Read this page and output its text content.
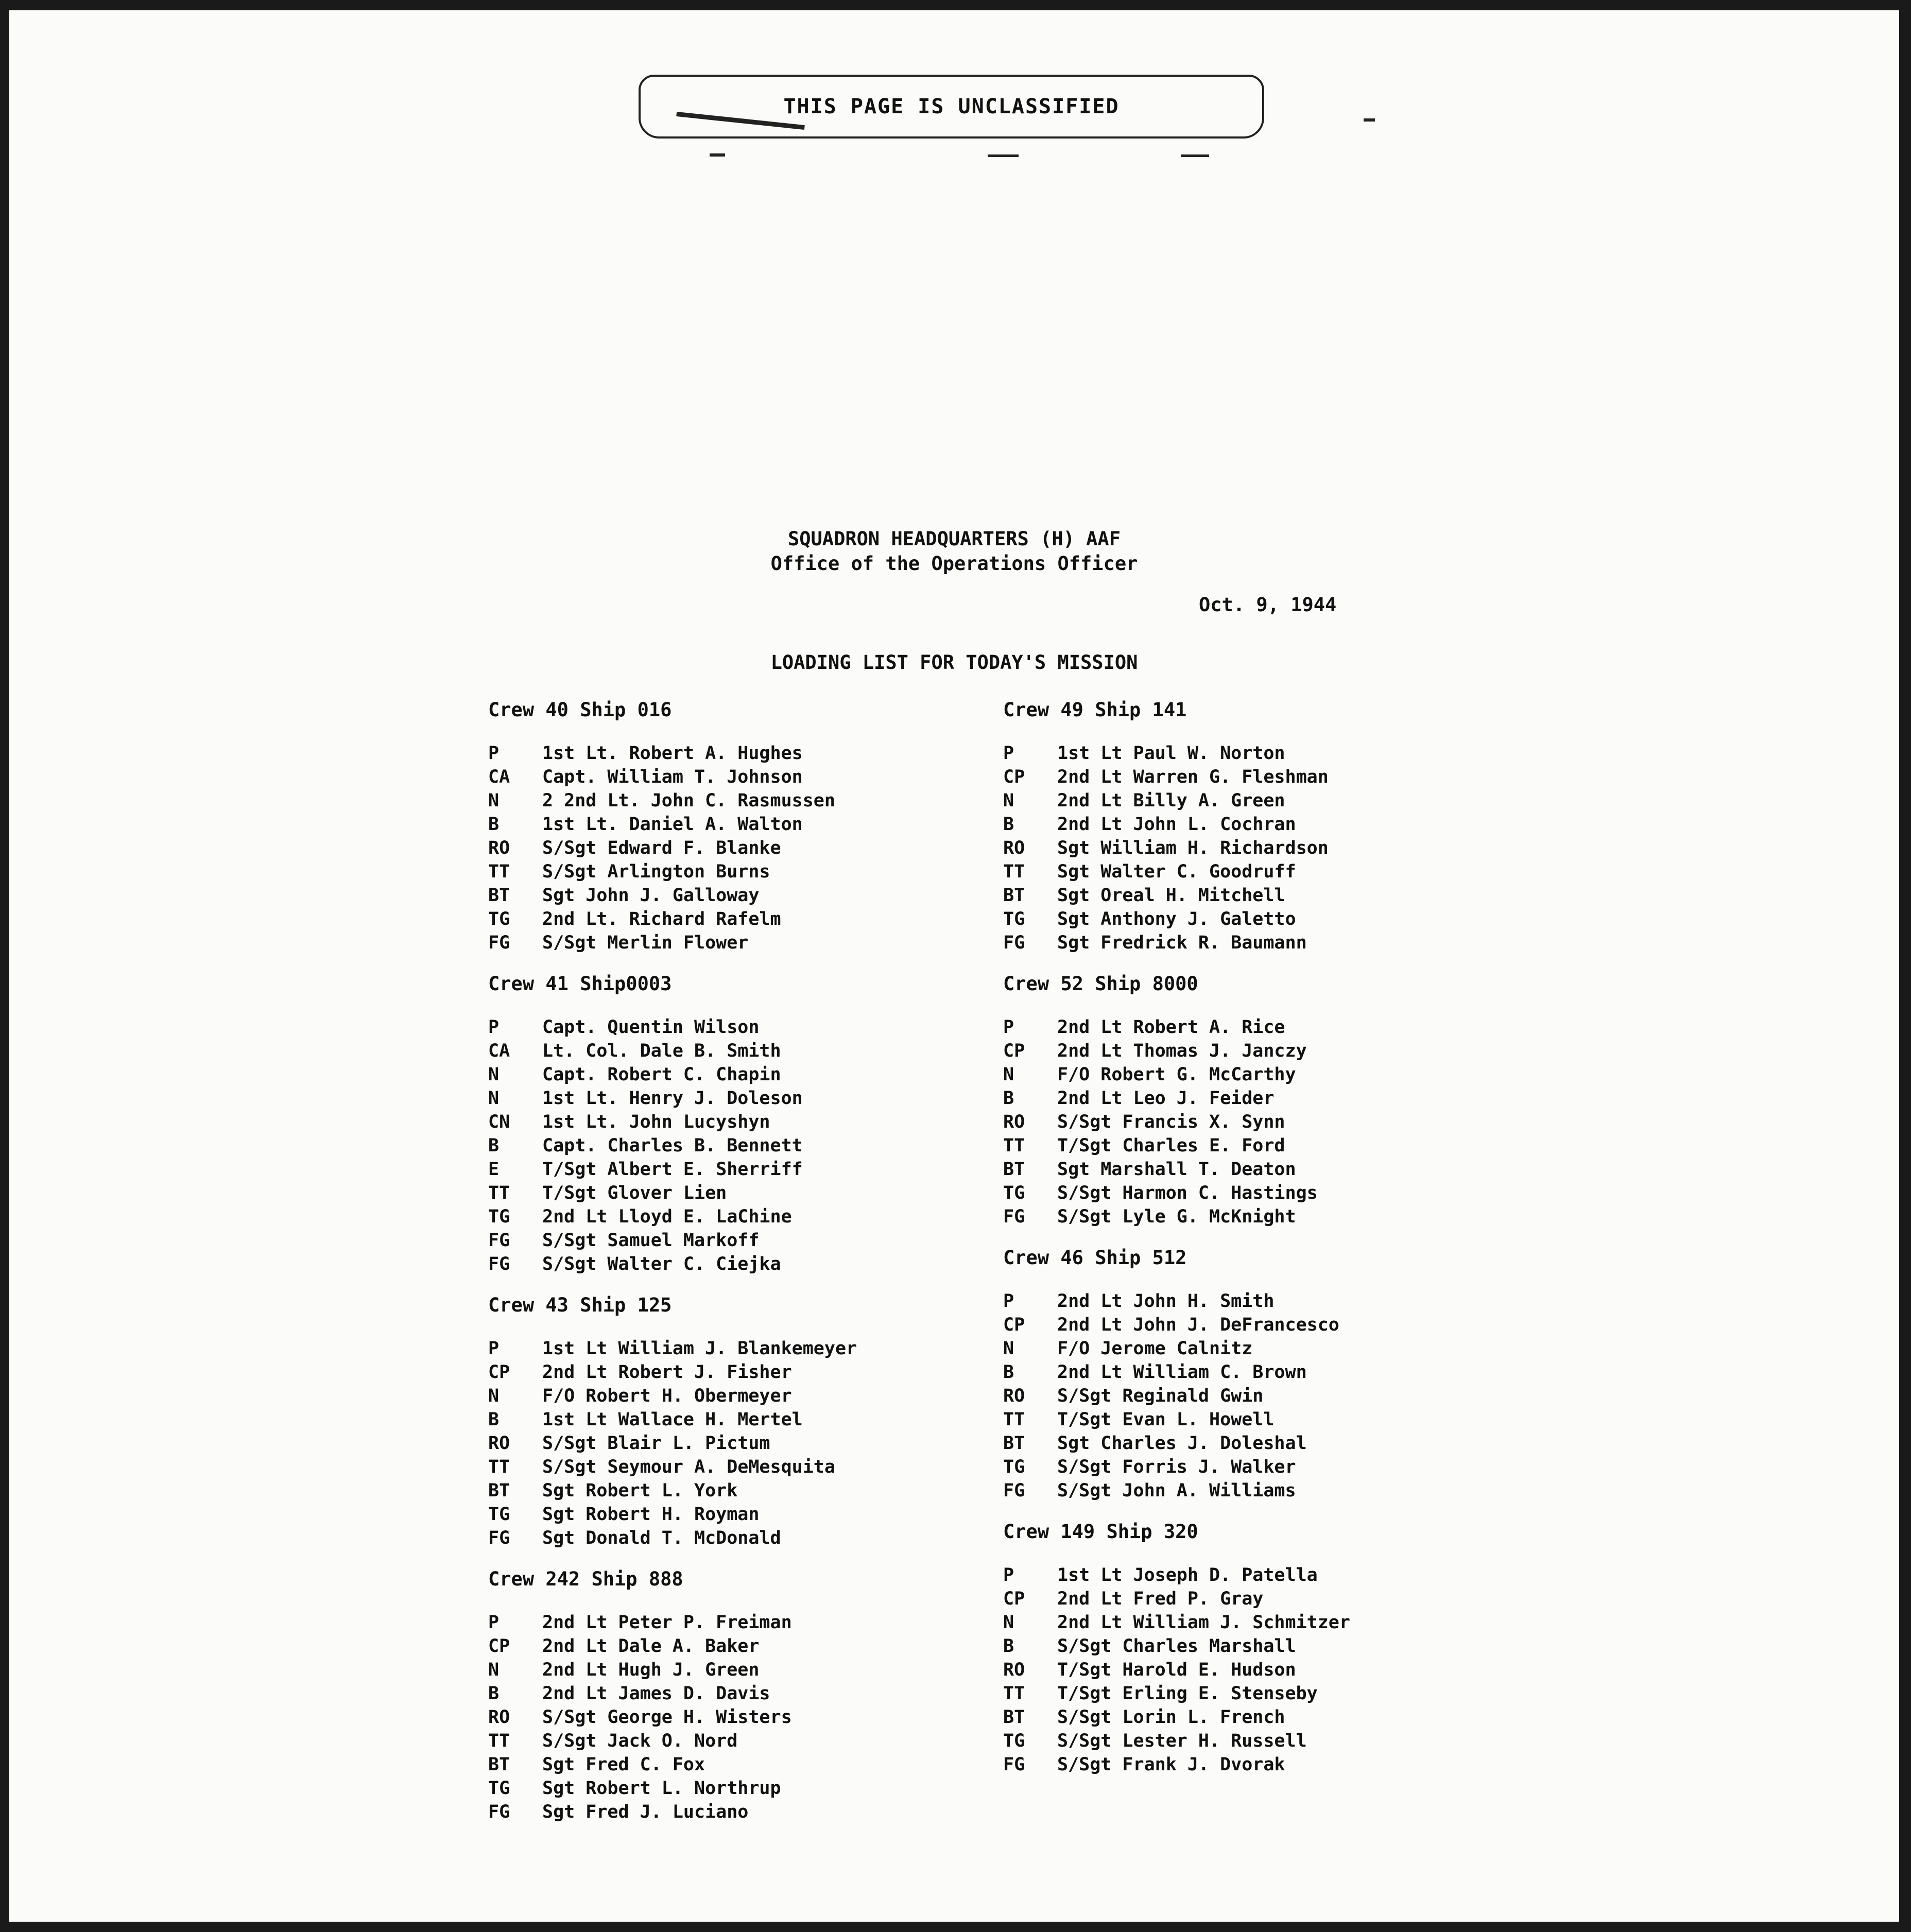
THIS PAGE IS UNCLASSIFIED
SQUADRON HEADQUARTERS (H) AAF
Office of the Operations Officer
Oct. 9, 1944
LOADING LIST FOR TODAY'S MISSION
Crew 40 Ship 016
P	1st Lt. Robert A. Hughes
CA	Capt. William T. Johnson
N	2 2nd Lt. John C. Rasmussen
B	1st Lt. Daniel A. Walton
RO	S/Sgt Edward F. Blanke
TT	S/Sgt Arlington Burns
BT	Sgt John J. Galloway
TG	2nd Lt. Richard Rafelm
FG	S/Sgt Merlin Flower
Crew 41 Ship0003
P	Capt. Quentin Wilson
CA	Lt. Col. Dale B. Smith
N	Capt. Robert C. Chapin
N	1st Lt. Henry J. Doleson
CN	1st Lt. John Lucyshyn
B	Capt. Charles B. Bennett
E	T/Sgt Albert E. Sherriff
TT	T/Sgt Glover Lien
TG	2nd Lt Lloyd E. LaChine
FG	S/Sgt Samuel Markoff
FG	S/Sgt Walter C. Ciejka
Crew 43 Ship 125
P	1st Lt William J. Blankemeyer
CP	2nd Lt Robert J. Fisher
N	F/O Robert H. Obermeyer
B	1st Lt Wallace H. Mertel
RO	S/Sgt Blair L. Pictum
TT	S/Sgt Seymour A. DeMesquita
BT	Sgt Robert L. York
TG	Sgt Robert H. Royman
FG	Sgt Donald T. McDonald
Crew 242 Ship 888
P	2nd Lt Peter P. Freiman
CP	2nd Lt Dale A. Baker
N	2nd Lt Hugh J. Green
B	2nd Lt James D. Davis
RO	S/Sgt George H. Wisters
TT	S/Sgt Jack O. Nord
BT	Sgt Fred C. Fox
TG	Sgt Robert L. Northrup
FG	Sgt Fred J. Luciano
Crew 49 Ship 141
P	1st Lt Paul W. Norton
CP	2nd Lt Warren G. Fleshman
N	2nd Lt Billy A. Green
B	2nd Lt John L. Cochran
RO	Sgt William H. Richardson
TT	Sgt Walter C. Goodruff
BT	Sgt Oreal H. Mitchell
TG	Sgt Anthony J. Galetto
FG	Sgt Fredrick R. Baumann
Crew 52 Ship 8000
P	2nd Lt Robert A. Rice
CP	2nd Lt Thomas J. Janczy
N	F/O Robert G. McCarthy
B	2nd Lt Leo J. Feider
RO	S/Sgt Francis X. Synn
TT	T/Sgt Charles E. Ford
BT	Sgt Marshall T. Deaton
TG	S/Sgt Harmon C. Hastings
FG	S/Sgt Lyle G. McKnight
Crew 46 Ship 512
P	2nd Lt John H. Smith
CP	2nd Lt John J. DeFrancesco
N	F/O Jerome Calnitz
B	2nd Lt William C. Brown
RO	S/Sgt Reginald Gwin
TT	T/Sgt Evan L. Howell
BT	Sgt Charles J. Doleshal
TG	S/Sgt Forris J. Walker
FG	S/Sgt John A. Williams
Crew 149 Ship 320
P	1st Lt Joseph D. Patella
CP	2nd Lt Fred P. Gray
N	2nd Lt William J. Schmitzer
B	S/Sgt Charles Marshall
RO	T/Sgt Harold E. Hudson
TT	T/Sgt Erling E. Stenseby
BT	S/Sgt Lorin L. French
TG	S/Sgt Lester H. Russell
FG	S/Sgt Frank J. Dvorak
